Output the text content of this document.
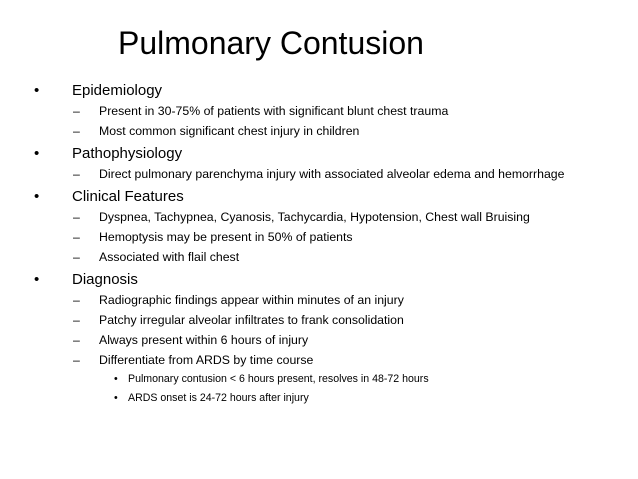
Pulmonary Contusion
• Epidemiology
– Present in 30-75% of patients with significant blunt chest trauma
– Most common significant chest injury in children
• Pathophysiology
– Direct pulmonary parenchyma injury with associated alveolar edema and hemorrhage
• Clinical Features
– Dyspnea, Tachypnea, Cyanosis, Tachycardia, Hypotension, Chest wall Bruising
– Hemoptysis may be present in 50% of patients
– Associated with flail chest
• Diagnosis
– Radiographic findings appear within minutes of an injury
– Patchy irregular alveolar infiltrates to frank consolidation
– Always present within 6 hours of injury
– Differentiate from ARDS by time course
• Pulmonary contusion < 6 hours present, resolves in 48-72 hours
• ARDS onset is 24-72 hours after injury
